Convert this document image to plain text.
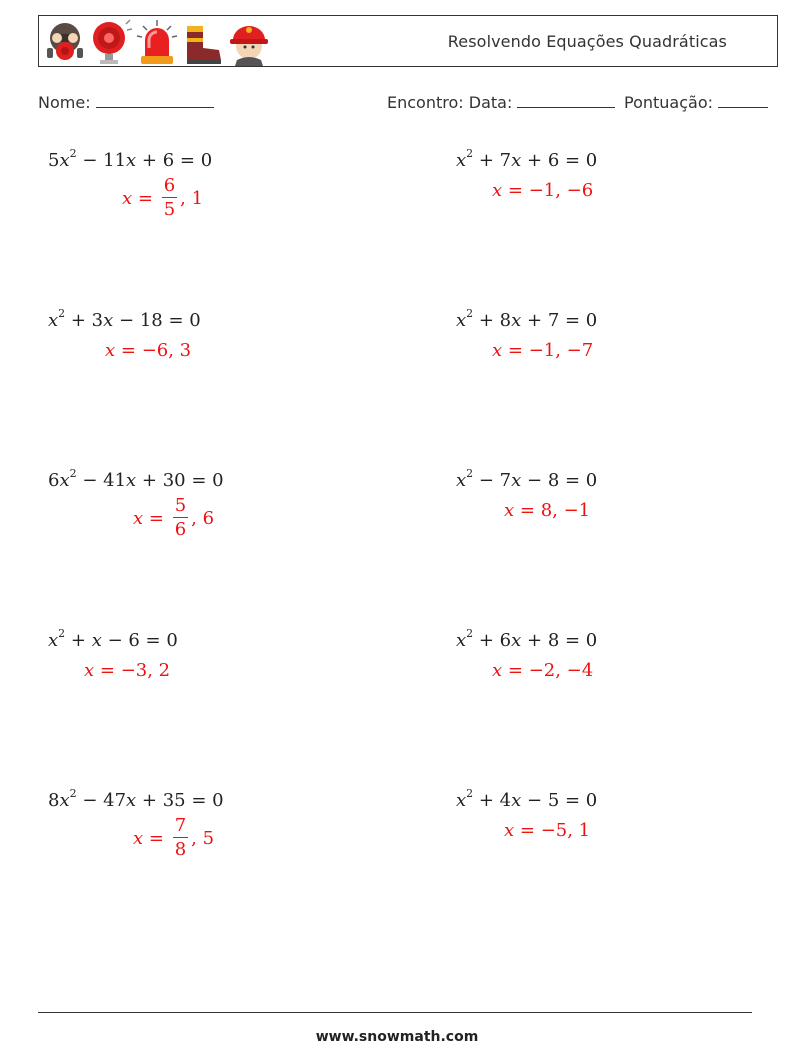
Resolvendo Equações Quadráticas
Nome:	Encontro: Data:	Pontuação:
$5x^2 - 11x + 6 = 0$
$x = \frac{6}{5}$ , 1
$x^2 + 7x + 6 = 0$
x = −1, −6
$x^2 + 3x - 18 = 0$
x = −6, 3
$x^2 + 8x + 7 = 0$
x = −1, −7
$6x^2 - 41x + 30 = 0$
$x = \frac{5}{6}$ , 6
$x^2 - 7x - 8 = 0$
x = 8, −1
$x^2 + x - 6 = 0$
x = −3, 2
$x^2 + 6x + 8 = 0$
x = −2, −4
$8x^2 - 47x + 35 = 0$
$x = \frac{7}{8}$ , 5
$x^2 + 4x - 5 = 0$
x = −5, 1
www.snowmath.com
